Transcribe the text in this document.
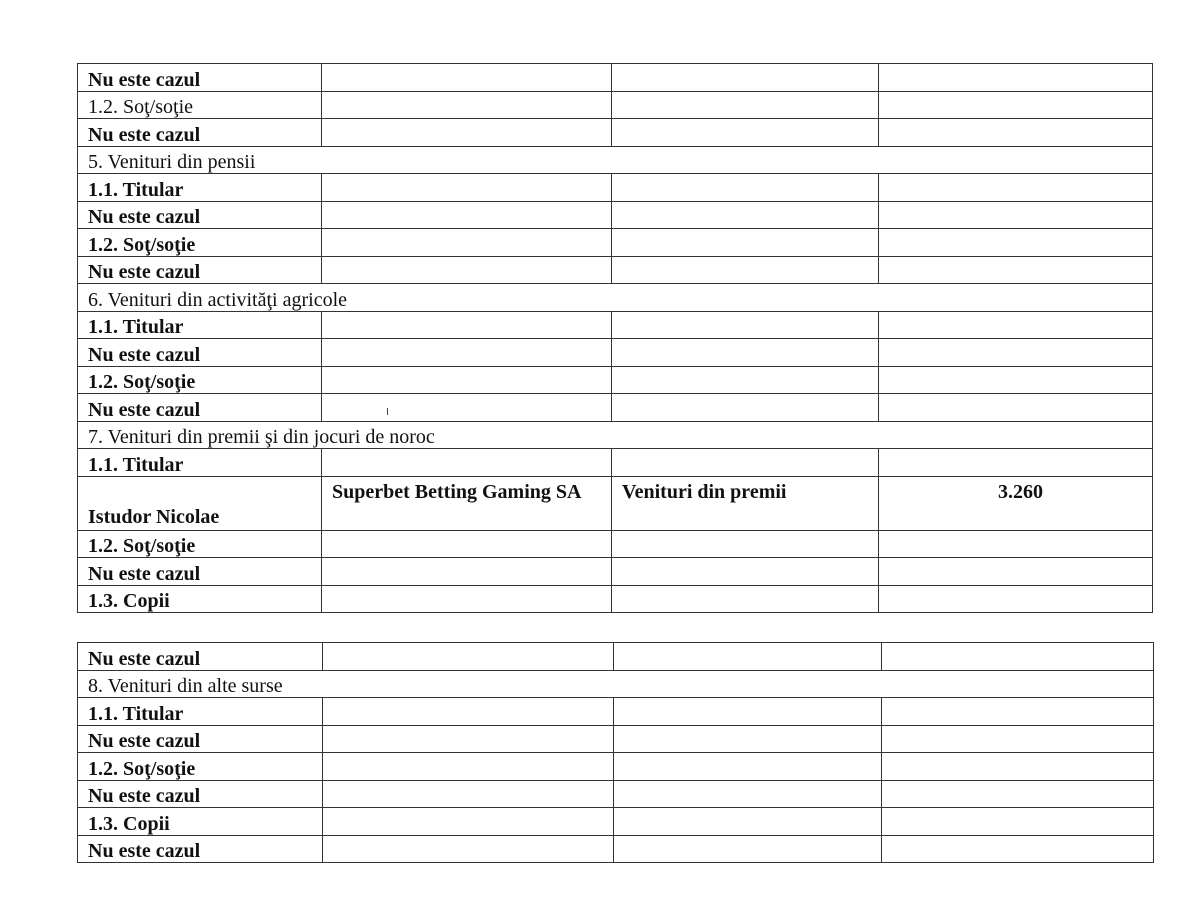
Nu este cazul			
1.2. Soţ/soţie			
Nu este cazul			
5. Venituri din pensii			
1.1. Titular			
Nu este cazul			
1.2. Soţ/soţie			
Nu este cazul			
6. Venituri din activităţi agricole			
1.1. Titular			
Nu este cazul			
1.2. Soţ/soţie			
Nu este cazul			
7. Venituri din premii şi din jocuri de noroc			
1.1. Titular			
Istudor Nicolae	Superbet Betting Gaming SA	Venituri din premii	3.260
1.2. Soţ/soţie			
Nu este cazul			
1.3. Copii			
Nu este cazul			
8. Venituri din alte surse			
1.1. Titular			
Nu este cazul			
1.2. Soţ/soţie			
Nu este cazul			
1.3. Copii			
Nu este cazul			
